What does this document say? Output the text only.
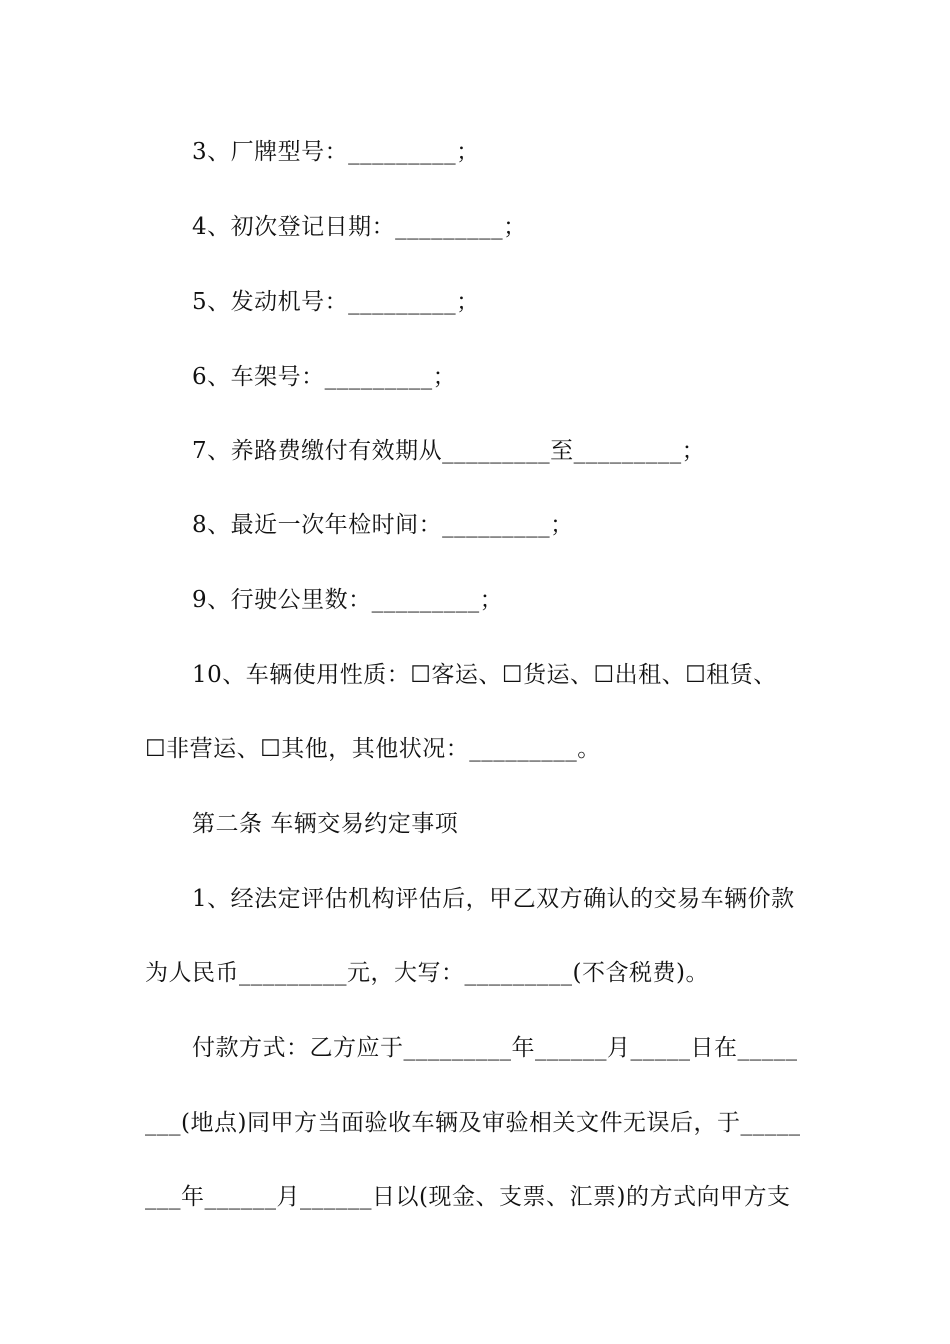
3、厂牌型号：_________；
4、初次登记日期：_________；
5、发动机号：_________；
6、车架号：_________；
7、养路费缴付有效期从_________至_________；
8、最近一次年检时间：_________；
9、行驶公里数：_________；
10、车辆使用性质：☐客运、☐货运、☐出租、☐租赁、
☐非营运、☐其他，其他状况：_________。
第二条 车辆交易约定事项
1、经法定评估机构评估后，甲乙双方确认的交易车辆价款
为人民币_________元，大写：_________(不含税费)。
付款方式：乙方应于_________年______月_____日在_____
___(地点)同甲方当面验收车辆及审验相关文件无误后，于_____
___年______月______日以(现金、支票、汇票)的方式向甲方支
